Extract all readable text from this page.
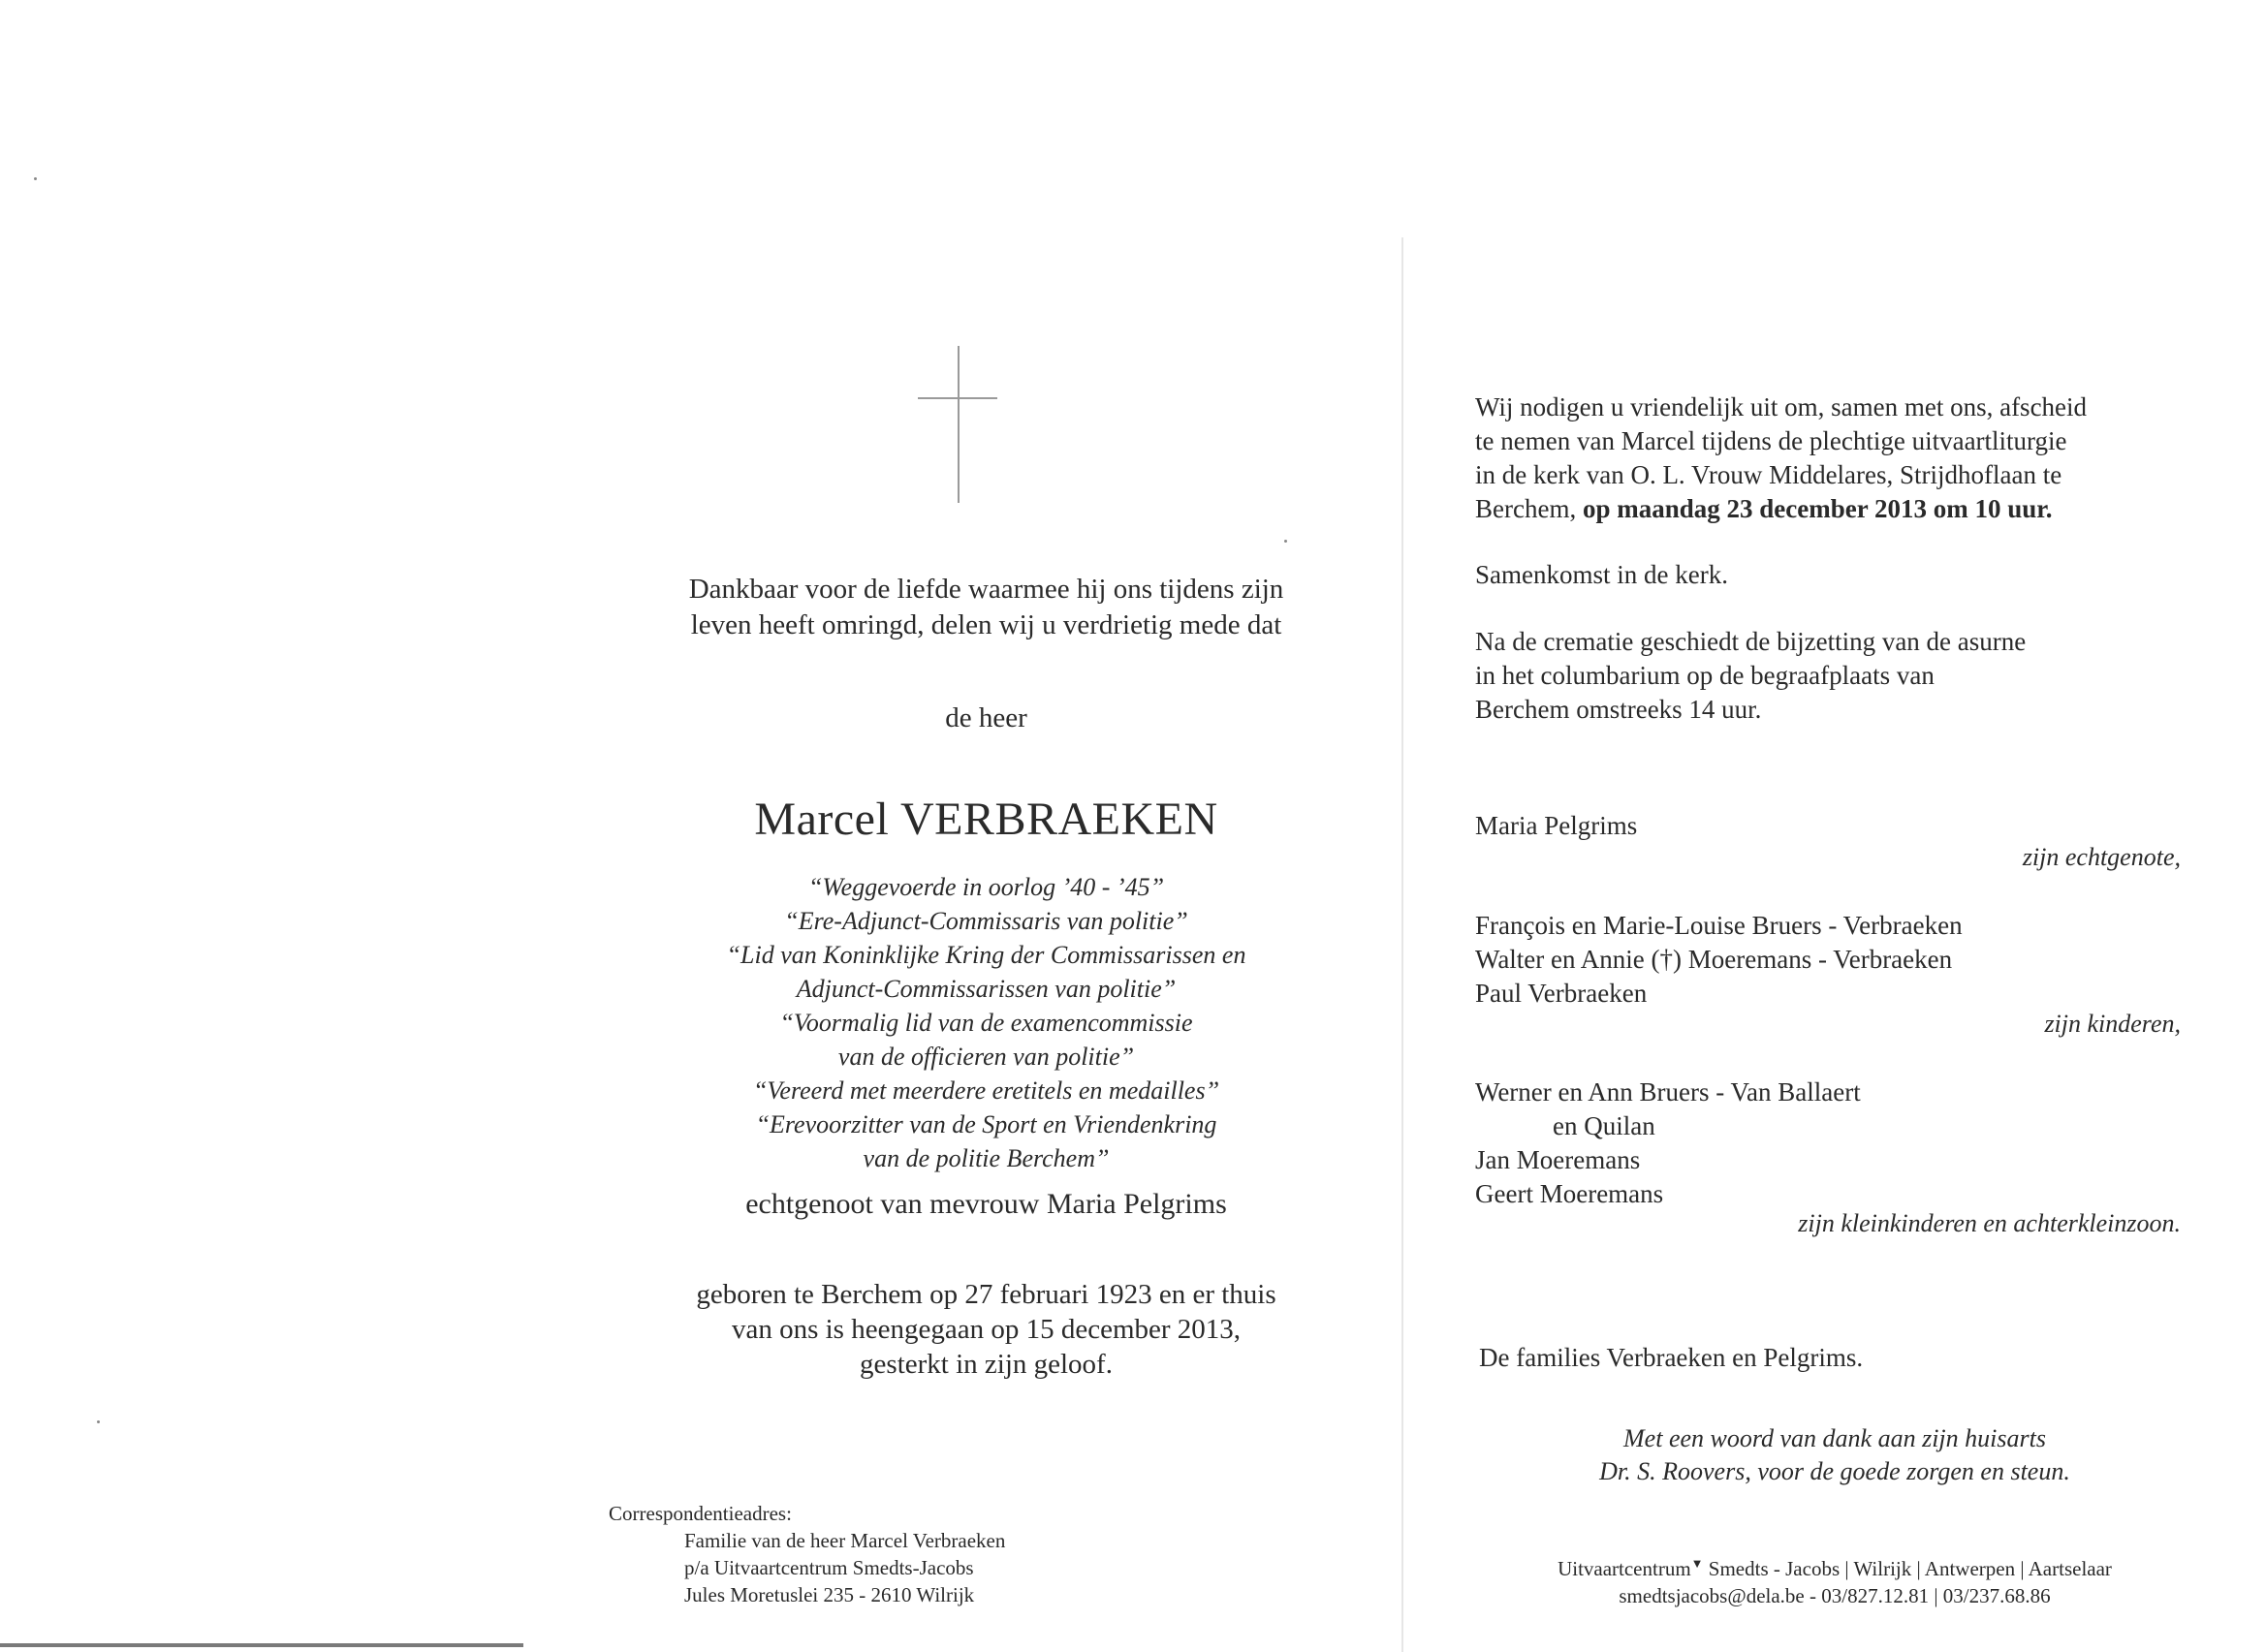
Dankbaar voor de liefde waarmee hij ons tijdens zijn
leven heeft omringd, delen wij u verdrietig mede dat
de heer
Marcel VERBRAEKEN
“Weggevoerde in oorlog ’40 - ’45”
“Ere-Adjunct-Commissaris van politie”
“Lid van Koninklijke Kring der Commissarissen en
Adjunct-Commissarissen van politie”
“Voormalig lid van de examencommissie
van de officieren van politie”
“Vereerd met meerdere eretitels en medailles”
“Erevoorzitter van de Sport en Vriendenkring
van de politie Berchem”
echtgenoot van mevrouw Maria Pelgrims
geboren te Berchem op 27 februari 1923 en er thuis
van ons is heengegaan op 15 december 2013,
gesterkt in zijn geloof.
Correspondentieadres:
Familie van de heer Marcel Verbraeken
p/a Uitvaartcentrum Smedts-Jacobs
Jules Moretuslei 235 - 2610 Wilrijk
Wij nodigen u vriendelijk uit om, samen met ons, afscheid
te nemen van Marcel tijdens de plechtige uitvaartliturgie
in de kerk van O. L. Vrouw Middelares, Strijdhoflaan te
Berchem, op maandag 23 december 2013 om 10 uur.
Samenkomst in de kerk.
Na de crematie geschiedt de bijzetting van de asurne
in het columbarium op de begraafplaats van
Berchem omstreeks 14 uur.
Maria Pelgrims
zijn echtgenote,
François en Marie-Louise Bruers - Verbraeken
Walter en Annie (†) Moeremans - Verbraeken
Paul Verbraeken
zijn kinderen,
Werner en Ann Bruers - Van Ballaert
en Quilan
Jan Moeremans
Geert Moeremans
zijn kleinkinderen en achterkleinzoon.
De families Verbraeken en Pelgrims.
Met een woord van dank aan zijn huisarts
Dr. S. Roovers, voor de goede zorgen en steun.
Uitvaartcentrum▼ Smedts - Jacobs | Wilrijk | Antwerpen | Aartselaar
smedtsjacobs@dela.be - 03/827.12.81 | 03/237.68.86
